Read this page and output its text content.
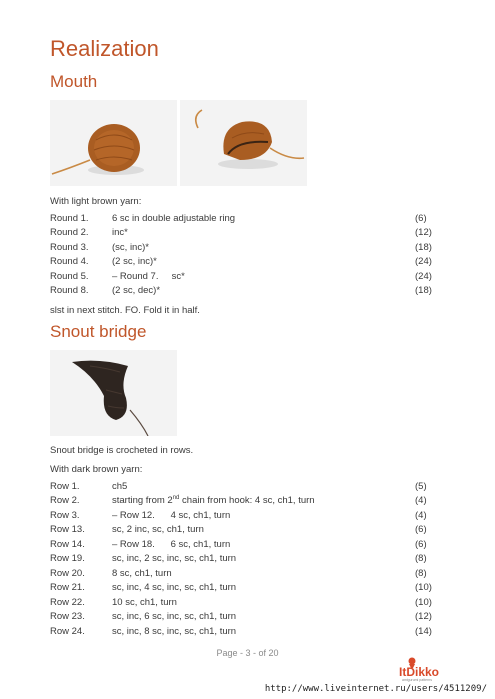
Realization
Mouth
With light brown yarn:
Round 1.	6 sc in double adjustable ring	(6)
Round 2.	inc*	(12)
Round 3.	(sc, inc)*	(18)
Round 4.	(2 sc, inc)*	(24)
Round 5.	– Round 7.     sc*	(24)
Round 8.	(2 sc, dec)*	(18)
slst in next stitch. FO. Fold it in half.
Snout bridge
Snout bridge is crocheted in rows.
With dark brown yarn:
Row 1.	ch5	(5)
Row 2.	starting from 2nd chain from hook: 4 sc, ch1, turn	(4)
Row 3.	– Row 12.      4 sc, ch1, turn	(4)
Row 13.	sc, 2 inc, sc, ch1, turn	(6)
Row 14.	– Row 18.      6 sc, ch1, turn	(6)
Row 19.	sc, inc, 2 sc, inc, sc, ch1, turn	(8)
Row 20.	8 sc, ch1, turn	(8)
Row 21.	sc, inc, 4 sc, inc, sc, ch1, turn	(10)
Row 22.	10 sc, ch1, turn	(10)
Row 23.	sc, inc, 6 sc, inc, sc, ch1, turn	(12)
Row 24.	sc, inc, 8 sc, inc, sc, ch1, turn	(14)
Page - 3 - of 20
ItDikko
amigurumi patterns
http://www.liveinternet.ru/users/4511209/
